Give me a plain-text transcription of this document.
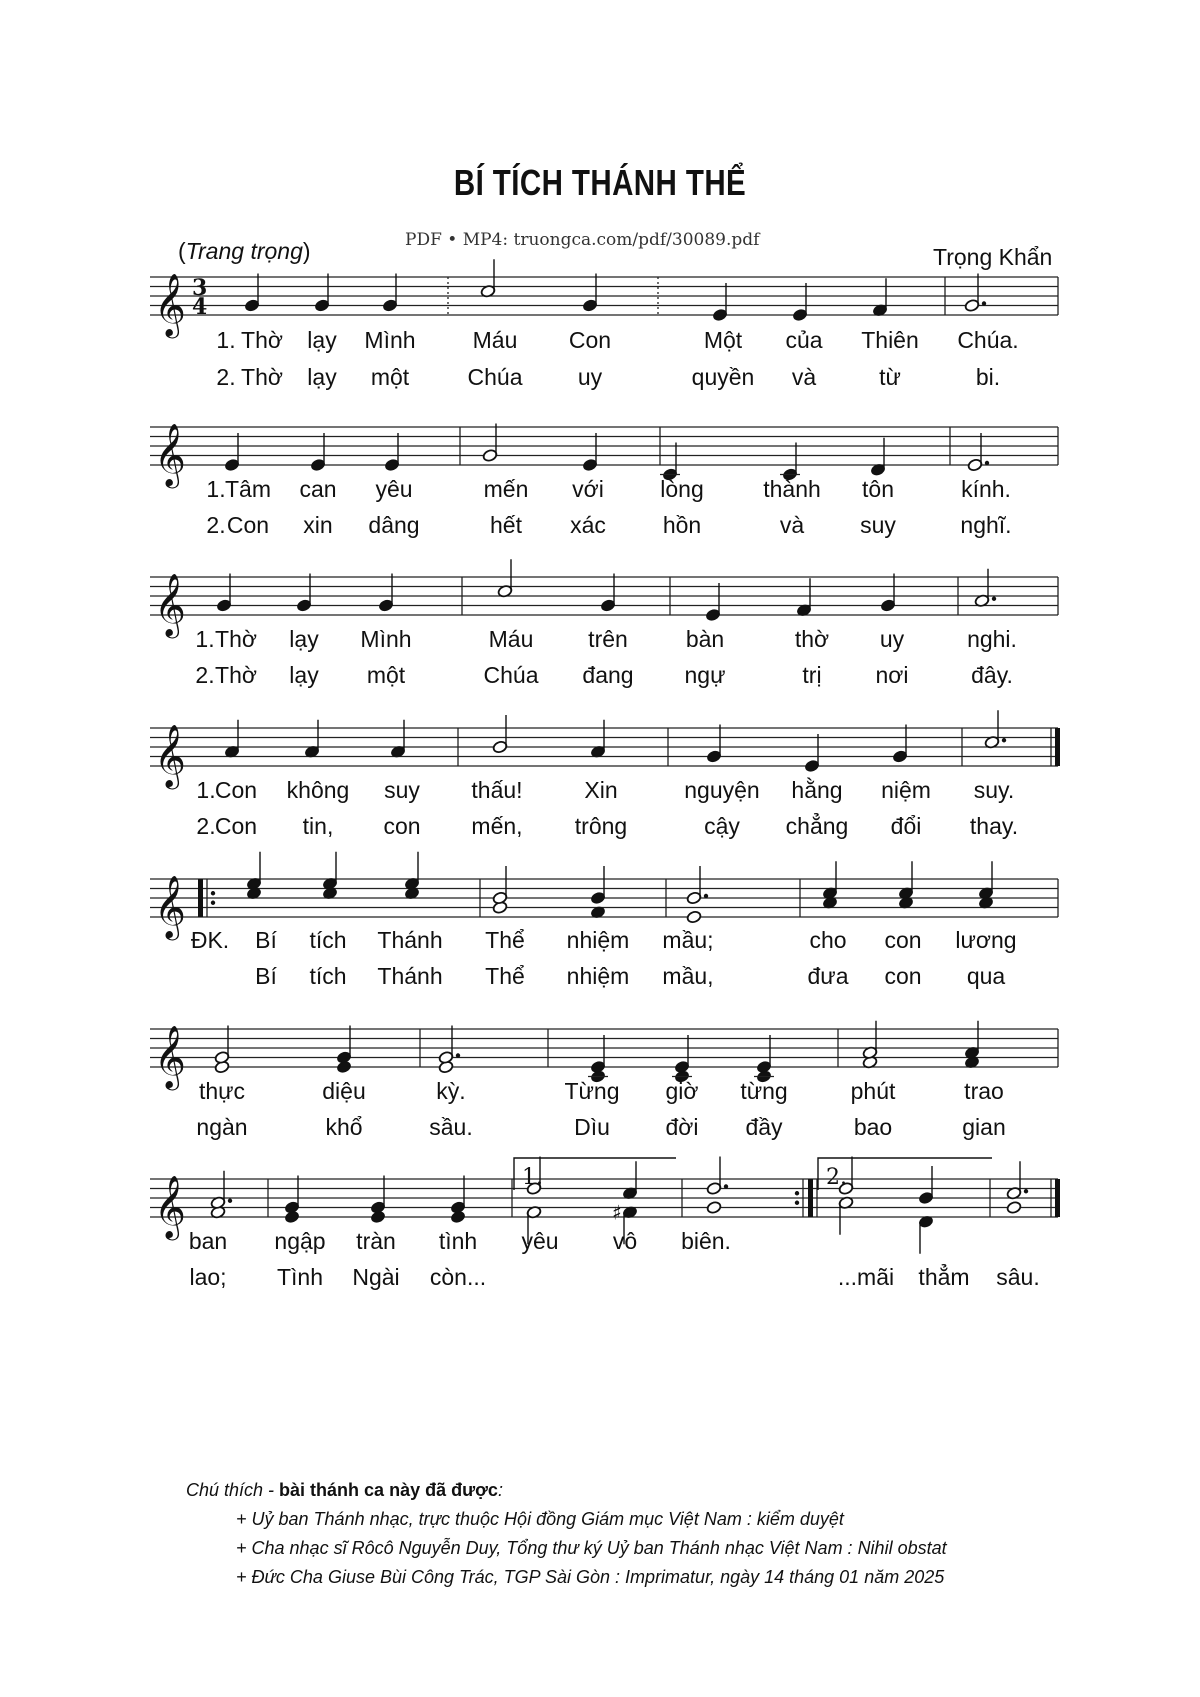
BÍ TÍCH THÁNH THỂ
(Trang trọng)	PDF • MP4: truongca.com/pdf/30089.pdf
Trọng Khẩn
𝄞 3
4
𝄞
𝄞
𝄞
𝄞
𝄞
𝄞	♯
1.	2.
1. Thờ lạy Mình Máu Con	Một của Thiên Chúa.
2. Thờ lạy một	Chúa uy	quyền và	từ	bi.
1. Tâm can yêu	mến với lòng	thành tôn	kính.
2. Con xin dâng	hết xác hồn	và suy	nghĩ.
1. Thờ lạy Mình	Máu trên	bàn	thờ uy	nghi.
2. Thờ lạy một	Chúa đang ngự	trị nơi	đây.
1. Con không suy thấu!	Xin	nguyện hằng niệm suy.
2. Con tin, con mến, trông	cậy chẳng đổi thay.
ĐK. Bí tích Thánh Thể nhiệm mầu;	cho con lương
Bí tích Thánh Thể nhiệm mầu,	đưa con qua
thực	diệu	kỳ.	Từng giờ từng	phút	trao
ngàn	khổ	sầu.	Dìu đời đầy	bao	gian
ban ngập tràn tình yêu vô biên.
lao; Tình Ngài còn...	...mãi thẳm sâu.
Chú thích - bài thánh ca này đã được:
+ Uỷ ban Thánh nhạc, trực thuộc Hội đồng Giám mục Việt Nam : kiểm duyệt
+ Cha nhạc sĩ Rôcô Nguyễn Duy, Tổng thư ký Uỷ ban Thánh nhạc Việt Nam : Nihil obstat
+ Đức Cha Giuse Bùi Công Trác, TGP Sài Gòn : Imprimatur, ngày 14 tháng 01 năm 2025
